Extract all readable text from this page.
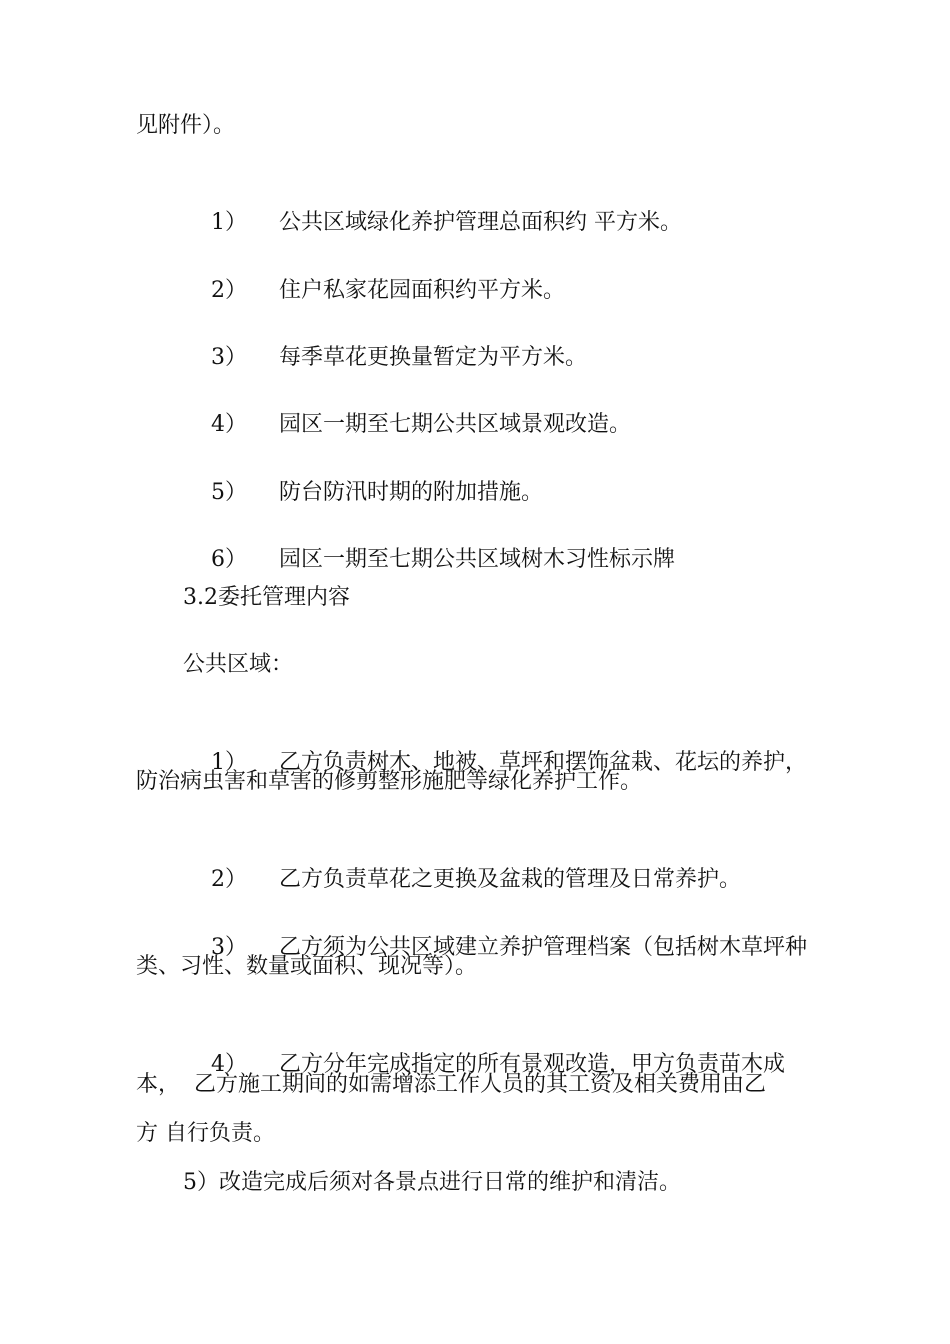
见附件）。

1） 公共区域绿化养护管理总面积约 平方米。

2） 住户私家花园面积约平方米。

3） 每季草花更换量暂定为平方米。

4） 园区一期至七期公共区域景观改造。

5） 防台防汛时期的附加措施。

6） 园区一期至七期公共区域树木习性标示牌

3.2委托管理内容
公共区域：

1） 乙方负责树木、地被、草坪和摆饰盆栽、花坛的养护，

防治病虫害和草害的修剪整形施肥等绿化养护工作。

2） 乙方负责草花之更换及盆栽的管理及日常养护。

3） 乙方须为公共区域建立养护管理档案（包括树木草坪种

类、习性、数量或面积、现况等）。

4） 乙方分年完成指定的所有景观改造，甲方负责苗木成

本，  乙方施工期间的如需增添工作人员的其工资及相关费用由乙
方 自行负责。
5）改造完成后须对各景点进行日常的维护和清洁。
